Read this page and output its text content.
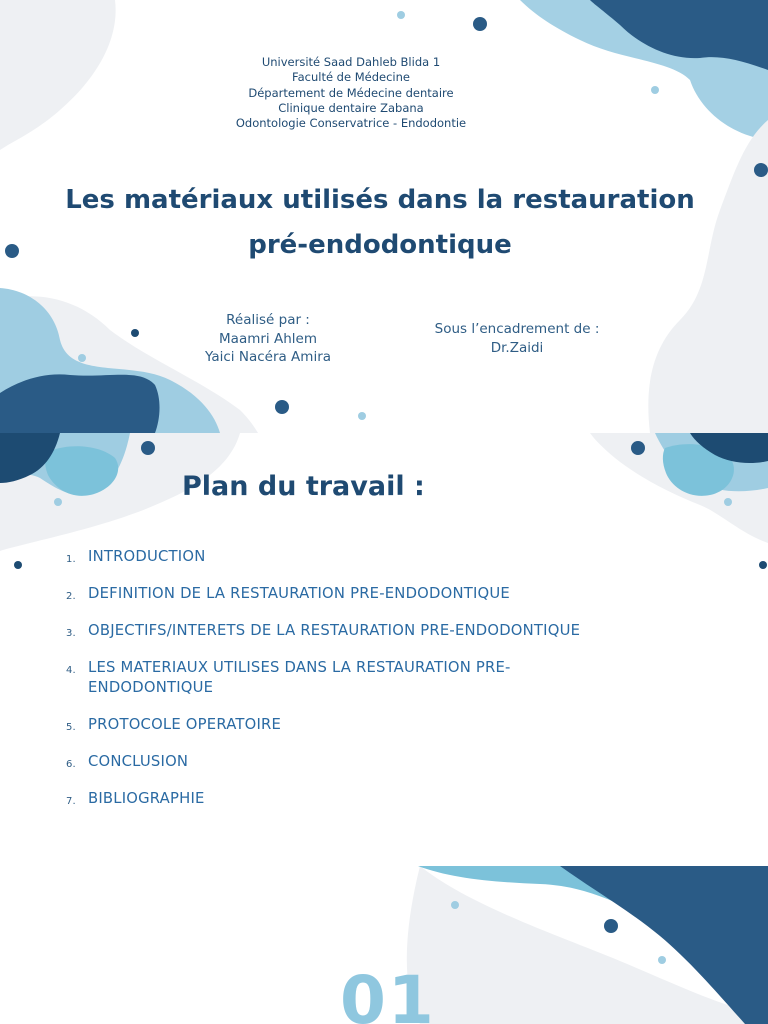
Université Saad Dahleb Blida 1
Faculté de Médecine
Département de Médecine dentaire
Clinique dentaire Zabana
Odontologie Conservatrice - Endodontie
Les matériaux utilisés dans la restauration
pré-endodontique
Réalisé par :
Maamri Ahlem
Yaici Nacéra Amira
Sous l’encadrement de :
Dr.Zaidi
Plan du travail :
1. INTRODUCTION
2. DEFINITION DE LA RESTAURATION PRE-ENDODONTIQUE
3. OBJECTIFS/INTERETS DE LA RESTAURATION PRE-ENDODONTIQUE
4. LES MATERIAUX UTILISES DANS LA RESTAURATION PRE-ENDODONTIQUE
5. PROTOCOLE OPERATOIRE
6. CONCLUSION
7. BIBLIOGRAPHIE
01
